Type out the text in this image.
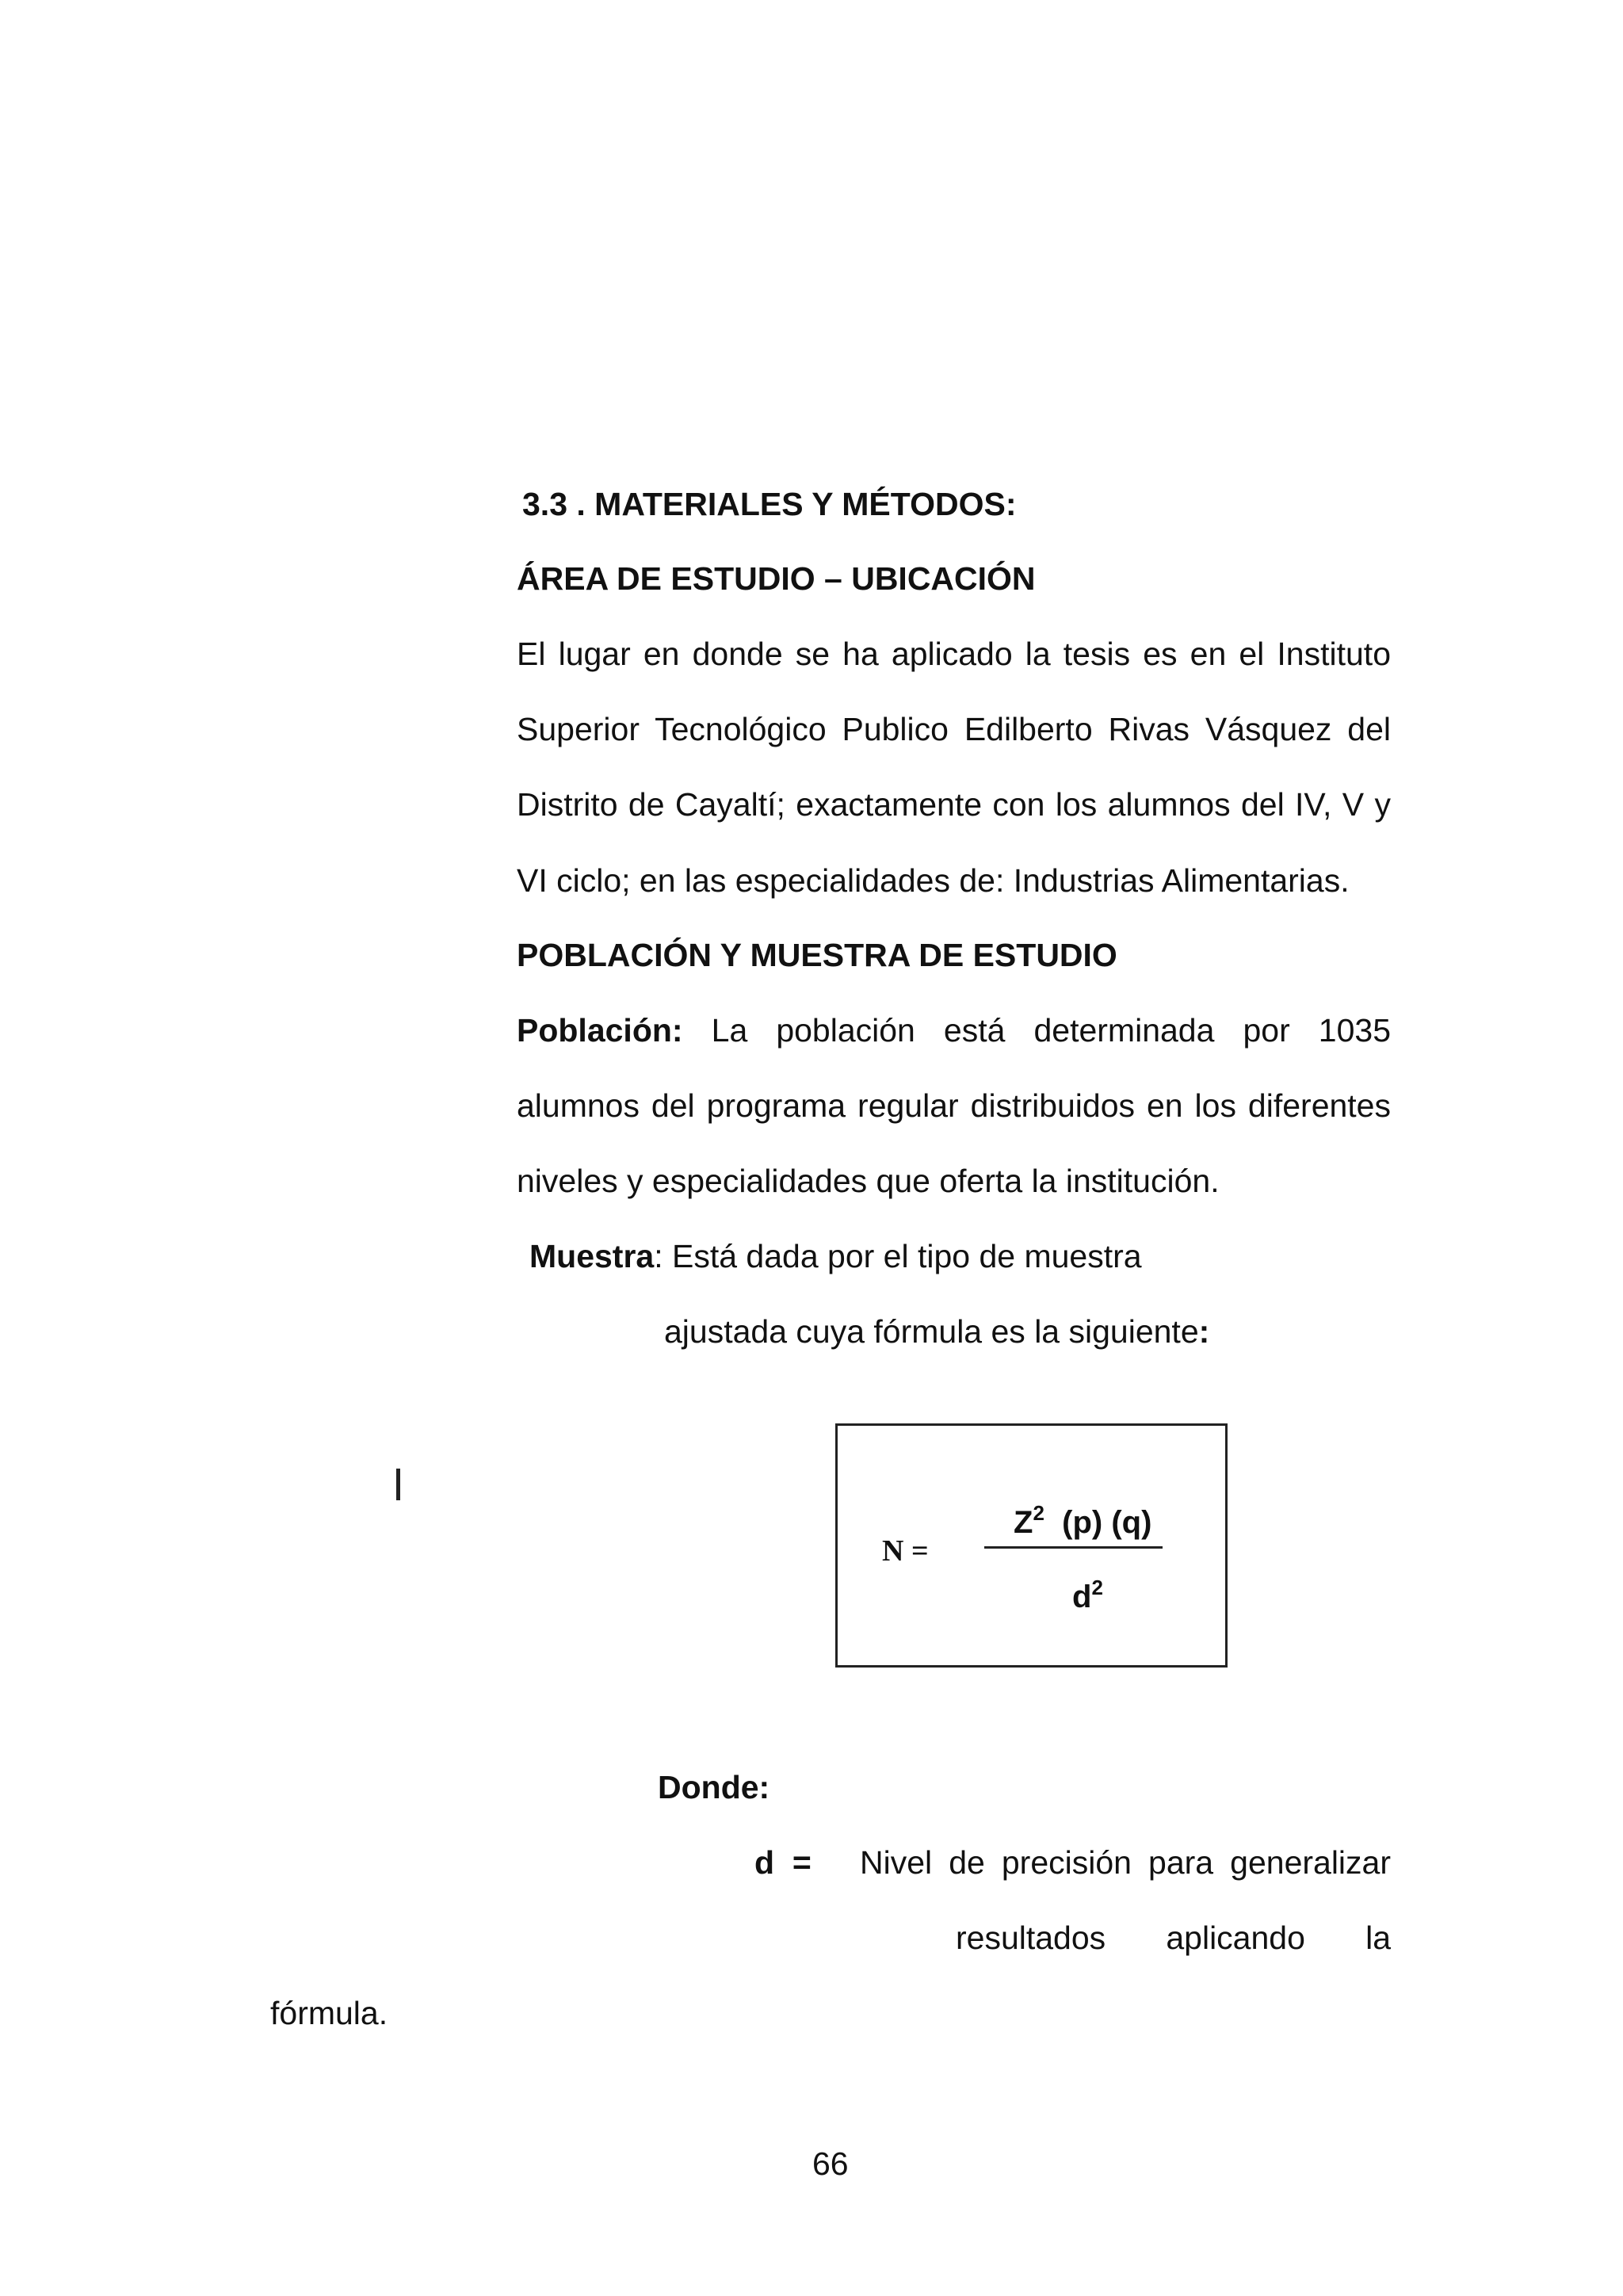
3.3 . MATERIALES Y MÉTODOS:

ÁREA DE ESTUDIO – UBICACIÓN

El lugar en donde se ha aplicado la tesis es en el Instituto

Superior Tecnológico Publico Edilberto Rivas Vásquez del

Distrito de Cayaltí; exactamente con los alumnos del IV, V y

VI ciclo; en las especialidades de: Industrias Alimentarias.

POBLACIÓN Y MUESTRA DE ESTUDIO

Población: La población está determinada por 1035

alumnos del programa regular distribuidos en los diferentes

niveles y especialidades que oferta la institución.

Muestra: Está dada por el tipo de muestra

ajustada cuya fórmula es la siguiente:

N =
$Z^2$ (p) (q)
$d^2$

Donde:

d  = Nivel de precisión para generalizar

resultados aplicando la

fórmula.

66
